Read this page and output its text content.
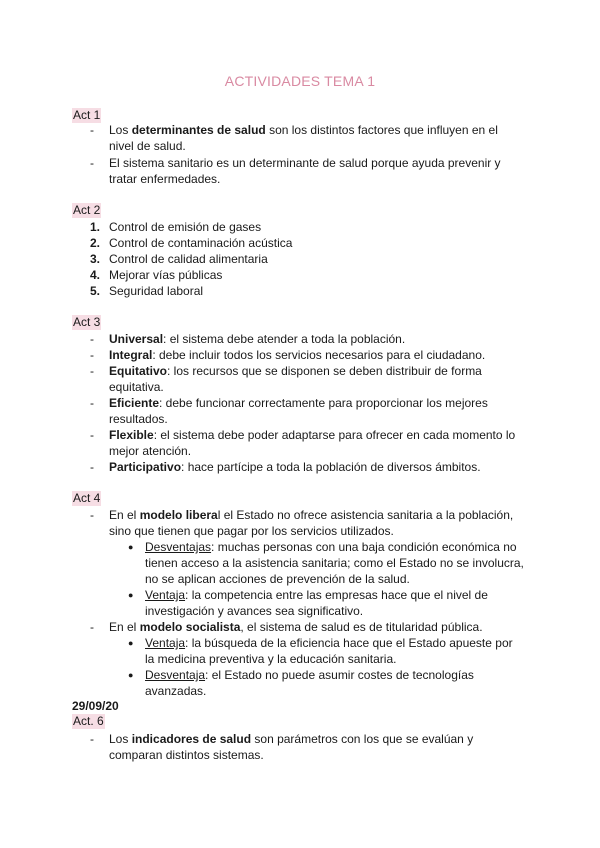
ACTIVIDADES TEMA 1
Act 1
-	Los determinantes de salud son los distintos factores que influyen en el
nivel de salud.
-	El sistema sanitario es un determinante de salud porque ayuda prevenir y
tratar enfermedades.
Act 2
1. Control de emisión de gases
2. Control de contaminación acústica
3. Control de calidad alimentaria
4. Mejorar vías públicas
5. Seguridad laboral
Act 3
-	Universal: el sistema debe atender a toda la población.
-	Integral: debe incluir todos los servicios necesarios para el ciudadano.
-	Equitativo: los recursos que se disponen se deben distribuir de forma
equitativa.
-	Eficiente: debe funcionar correctamente para proporcionar los mejores
resultados.
-	Flexible: el sistema debe poder adaptarse para ofrecer en cada momento lo
mejor atención.
-	Participativo: hace partícipe a toda la población de diversos ámbitos.
Act 4
-	En el modelo liberal el Estado no ofrece asistencia sanitaria a la población,
sino que tienen que pagar por los servicios utilizados.
● Desventajas: muchas personas con una baja condición económica no
tienen acceso a la asistencia sanitaria; como el Estado no se involucra,
no se aplican acciones de prevención de la salud.
● Ventaja: la competencia entre las empresas hace que el nivel de
investigación y avances sea significativo.
-	En el modelo socialista, el sistema de salud es de titularidad pública.
● Ventaja: la búsqueda de la eficiencia hace que el Estado apueste por
la medicina preventiva y la educación sanitaria.
● Desventaja: el Estado no puede asumir costes de tecnologías
avanzadas.
29/09/20
Act. 6
-	Los indicadores de salud son parámetros con los que se evalúan y
comparan distintos sistemas.
